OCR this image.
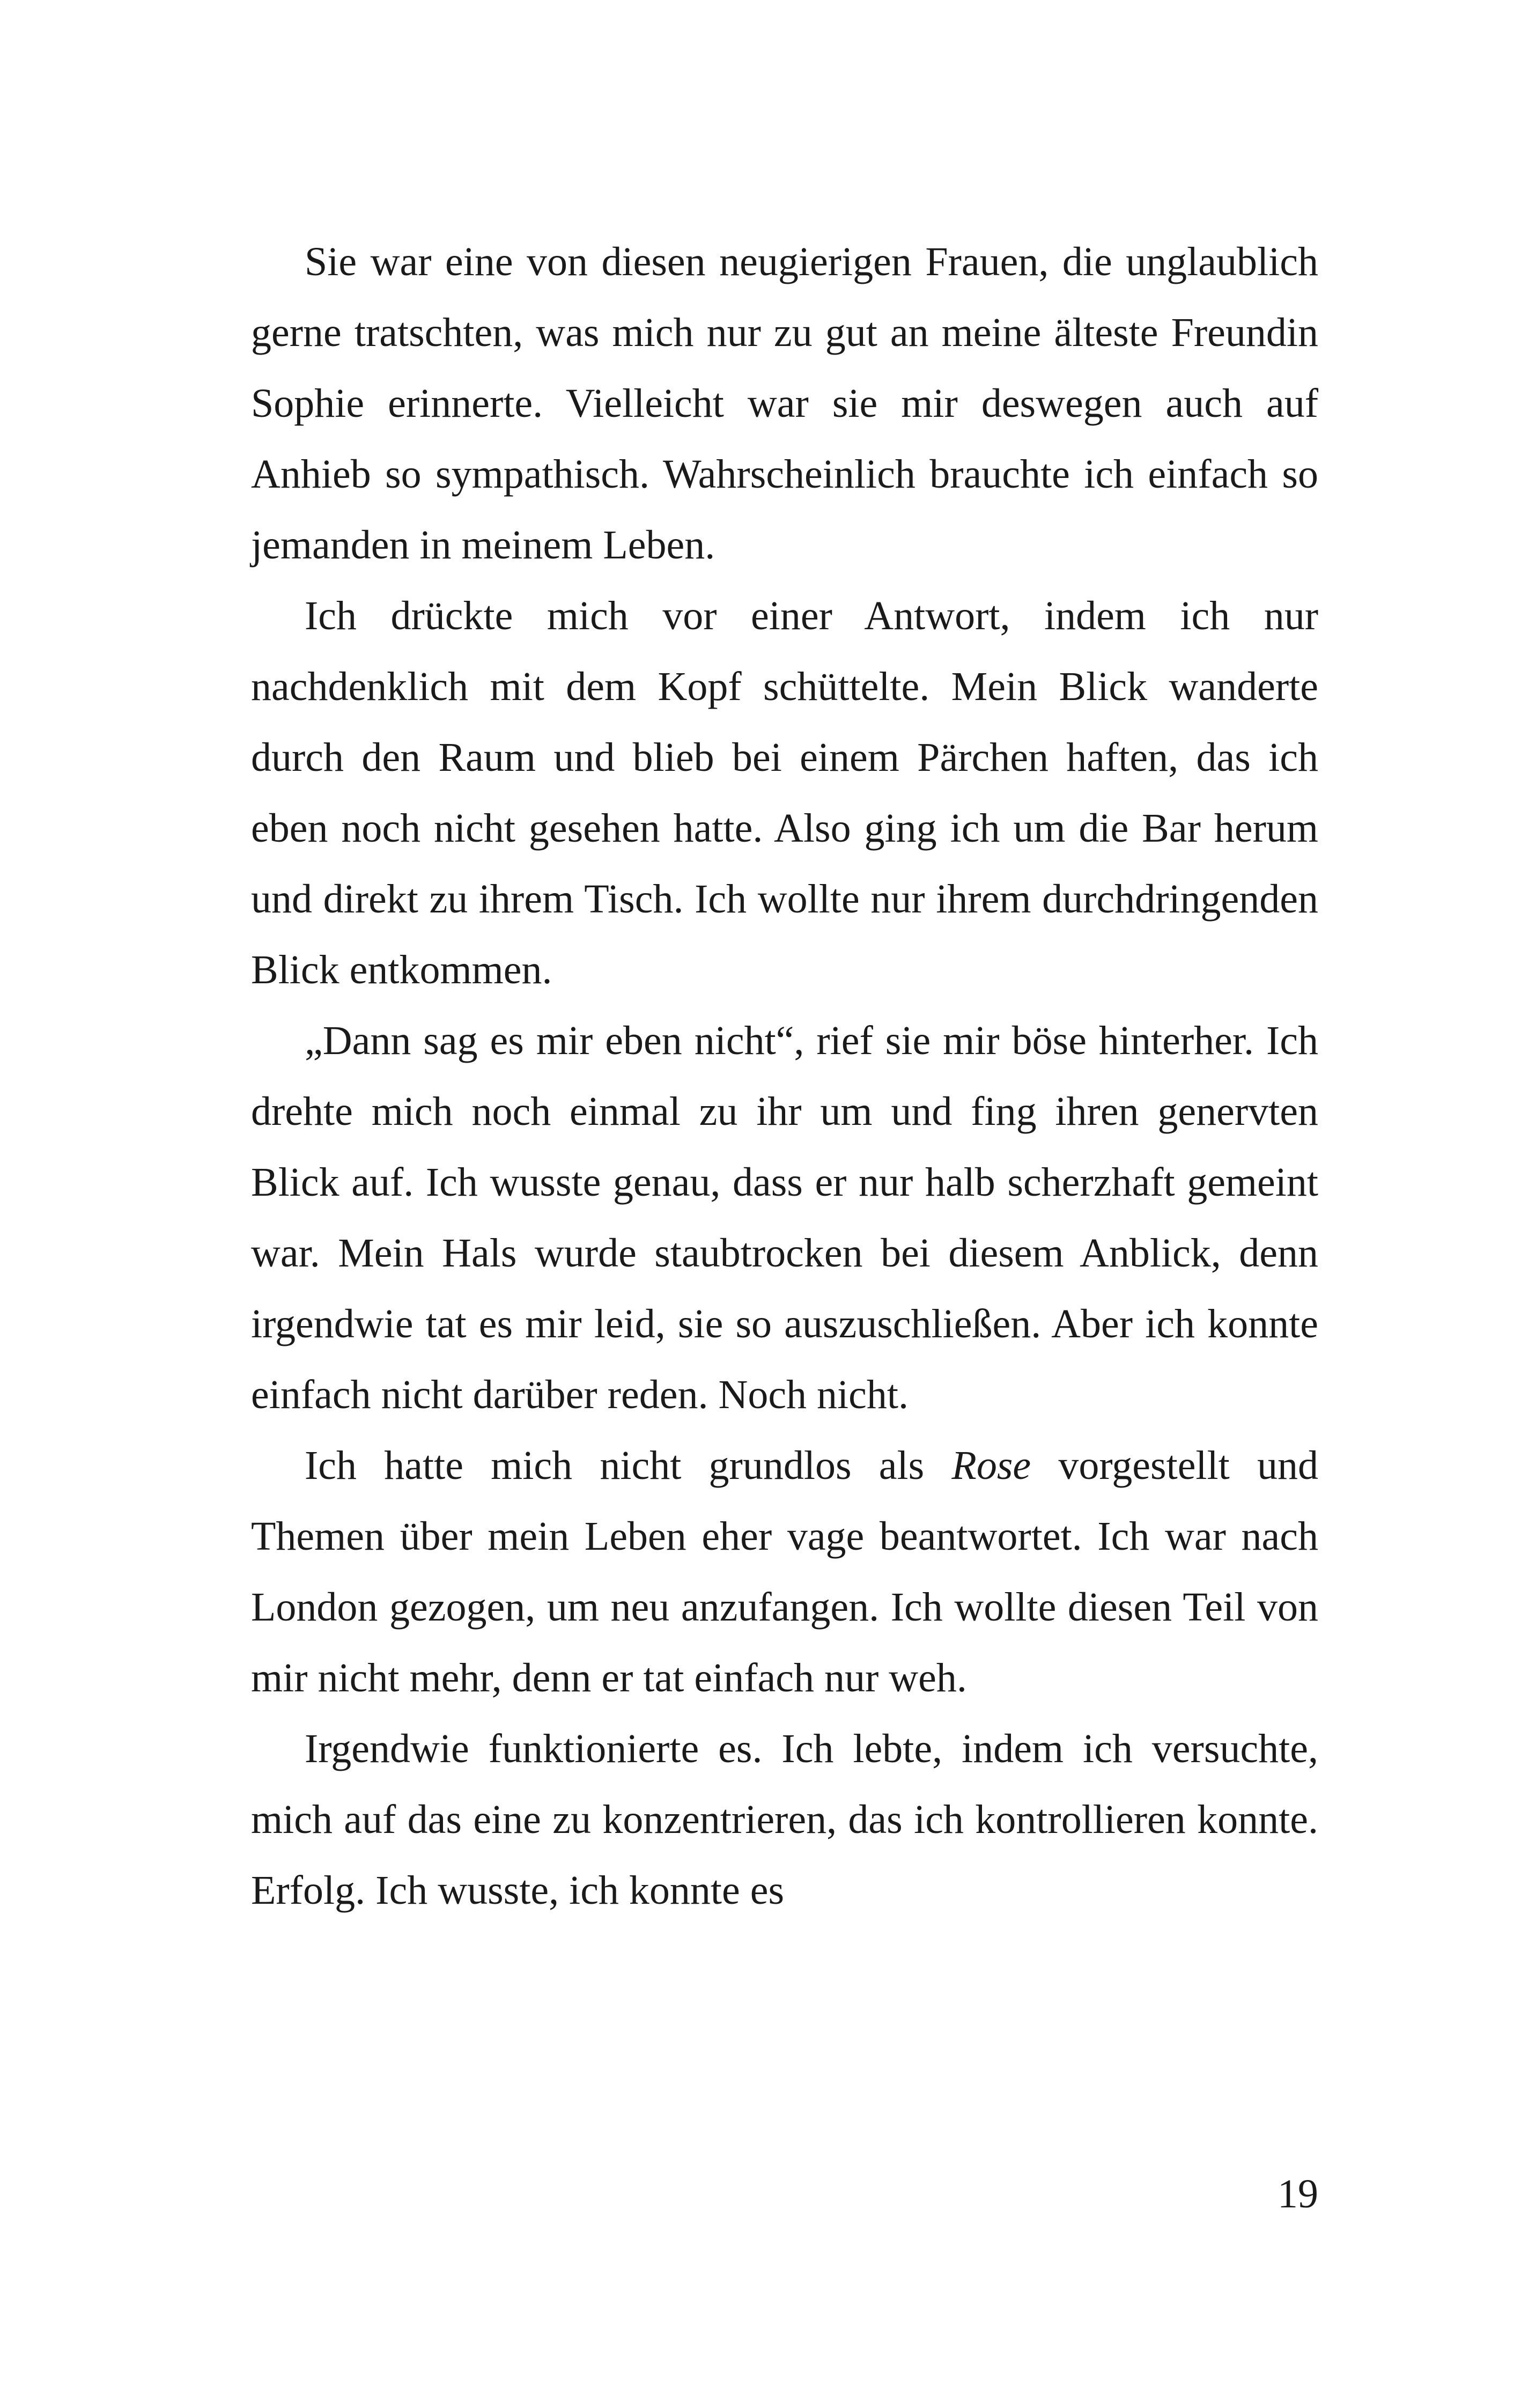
Sie war eine von diesen neugierigen Frauen, die unglaublich gerne tratschten, was mich nur zu gut an meine älteste Freundin Sophie erinnerte. Vielleicht war sie mir deswegen auch auf Anhieb so sympathisch. Wahrscheinlich brauchte ich einfach so jemanden in meinem Leben.

Ich drückte mich vor einer Antwort, indem ich nur nachdenklich mit dem Kopf schüttelte. Mein Blick wanderte durch den Raum und blieb bei einem Pärchen haften, das ich eben noch nicht gesehen hatte. Also ging ich um die Bar herum und direkt zu ihrem Tisch. Ich wollte nur ihrem durchdringenden Blick entkommen.

„Dann sag es mir eben nicht“, rief sie mir böse hinterher. Ich drehte mich noch einmal zu ihr um und fing ihren genervten Blick auf. Ich wusste genau, dass er nur halb scherzhaft gemeint war. Mein Hals wurde staubtrocken bei diesem Anblick, denn irgendwie tat es mir leid, sie so auszuschließen. Aber ich konnte einfach nicht darüber reden. Noch nicht.

Ich hatte mich nicht grundlos als Rose vorgestellt und Themen über mein Leben eher vage beantwortet. Ich war nach London gezogen, um neu anzufangen. Ich wollte diesen Teil von mir nicht mehr, denn er tat einfach nur weh.

Irgendwie funktionierte es. Ich lebte, indem ich versuchte, mich auf das eine zu konzentrieren, das ich kontrollieren konnte. Erfolg. Ich wusste, ich konnte es

19
